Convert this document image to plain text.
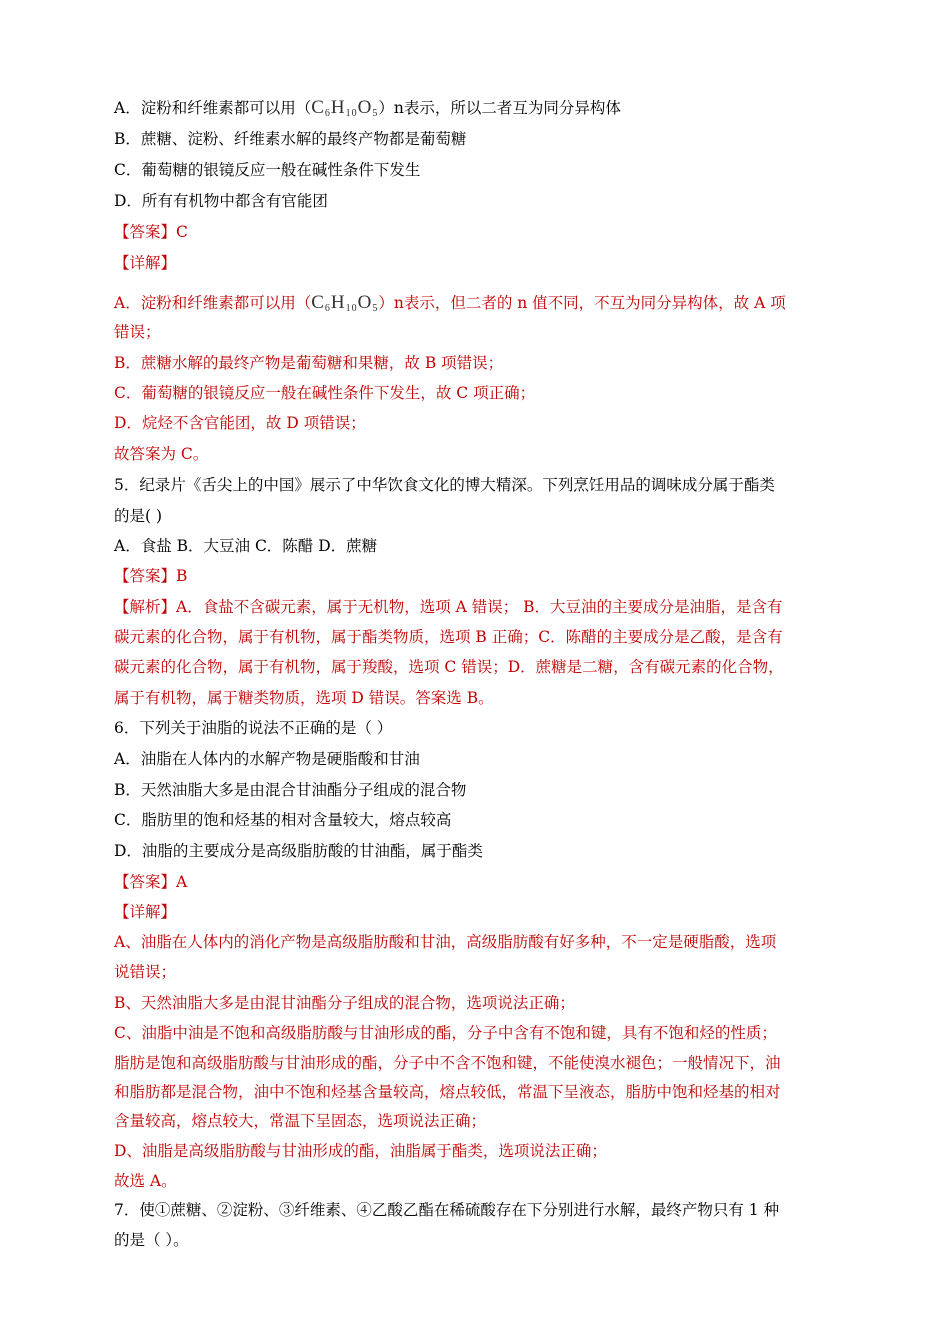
A．淀粉和纤维素都可以用$(C_6H_{10}O_5)n$表示，所以二者互为同分异构体
B．蔗糖、淀粉、纤维素水解的最终产物都是葡萄糖
C．葡萄糖的银镜反应一般在碱性条件下发生
D．所有有机物中都含有官能团
【答案】C
【详解】
A．淀粉和纤维素都可以用$(C_6H_{10}O_5)n$表示，但二者的 n 值不同，不互为同分异构体，故 A 项
错误；
B．蔗糖水解的最终产物是葡萄糖和果糖，故 B 项错误；
C．葡萄糖的银镜反应一般在碱性条件下发生，故 C 项正确；
D．烷烃不含官能团，故 D 项错误；
故答案为 C。
5．纪录片《舌尖上的中国》展示了中华饮食文化的博大精深。下列烹饪用品的调味成分属于酯类
的是( )
A．食盐 B．大豆油 C．陈醋 D．蔗糖
【答案】B
【解析】A．食盐不含碳元素，属于无机物，选项 A 错误； B．大豆油的主要成分是油脂，是含有
碳元素的化合物，属于有机物，属于酯类物质，选项 B 正确；C．陈醋的主要成分是乙酸，是含有
碳元素的化合物，属于有机物，属于羧酸，选项 C 错误；D．蔗糖是二糖，含有碳元素的化合物，
属于有机物，属于糖类物质，选项 D 错误。答案选 B。
6．下列关于油脂的说法不正确的是（ ）
A．油脂在人体内的水解产物是硬脂酸和甘油
B．天然油脂大多是由混合甘油酯分子组成的混合物
C．脂肪里的饱和烃基的相对含量较大，熔点较高
D．油脂的主要成分是高级脂肪酸的甘油酯，属于酯类
【答案】A
【详解】
A、油脂在人体内的消化产物是高级脂肪酸和甘油，高级脂肪酸有好多种，不一定是硬脂酸，选项
说错误；
B、天然油脂大多是由混甘油酯分子组成的混合物，选项说法正确；
C、油脂中油是不饱和高级脂肪酸与甘油形成的酯，分子中含有不饱和键，具有不饱和烃的性质；
脂肪是饱和高级脂肪酸与甘油形成的酯，分子中不含不饱和键，不能使溴水褪色；一般情况下，油
和脂肪都是混合物，油中不饱和烃基含量较高，熔点较低，常温下呈液态，脂肪中饱和烃基的相对
含量较高，熔点较大，常温下呈固态，选项说法正确；
D、油脂是高级脂肪酸与甘油形成的酯，油脂属于酯类，选项说法正确；
故选 A。
7．使①蔗糖、②淀粉、③纤维素、④乙酸乙酯在稀硫酸存在下分别进行水解，最终产物只有 1 种
的是（ ）。
